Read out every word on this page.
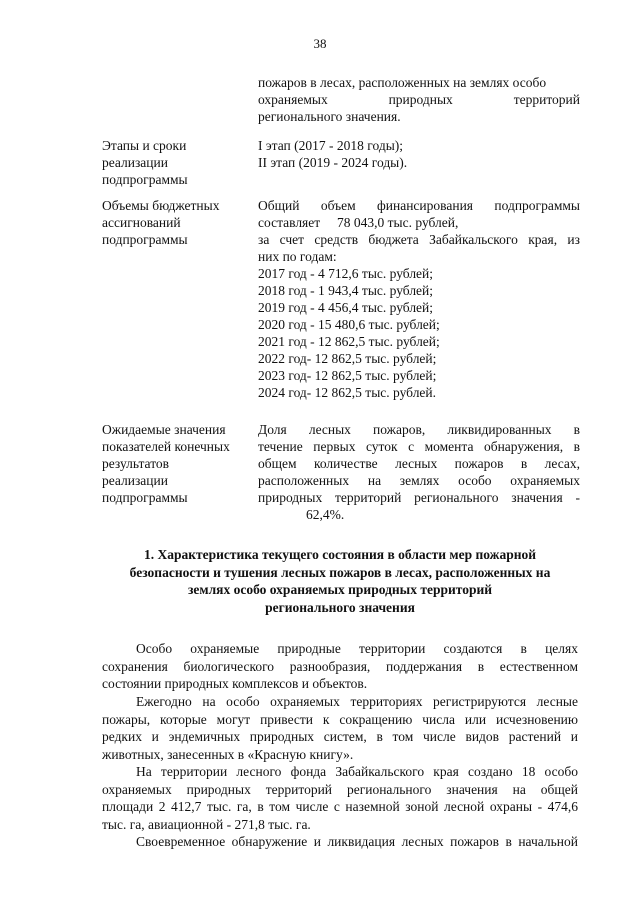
38
пожаров в лесах, расположенных на землях особо
охраняемых природных территорий
регионального значения.
Этапы и сроки
реализации
подпрограммы
I этап (2017 - 2018 годы);
II этап (2019 - 2024 годы).
Объемы бюджетных
ассигнований
подпрограммы
Общий объем финансирования подпрограммы
составляет     78 043,0 тыс. рублей,
за счет средств бюджета Забайкальского края, из
них по годам:
2017 год - 4 712,6 тыс. рублей;
2018 год - 1 943,4 тыс. рублей;
2019 год - 4 456,4 тыс. рублей;
2020 год - 15 480,6 тыс. рублей;
2021 год - 12 862,5 тыс. рублей;
2022 год- 12 862,5 тыс. рублей;
2023 год- 12 862,5 тыс. рублей;
2024 год- 12 862,5 тыс. рублей.
Ожидаемые значения
показателей конечных
результатов
реализации
подпрограммы
Доля лесных пожаров, ликвидированных в
течение первых суток с момента обнаружения, в
общем количестве лесных пожаров в лесах,
расположенных на землях особо охраняемых
природных территорий регионального значения -
62,4%.
1. Характеристика текущего состояния в области мер пожарной
безопасности и тушения лесных пожаров в лесах, расположенных на
землях особо охраняемых природных территорий
регионального значения
Особо охраняемые природные территории создаются в целях
сохранения биологического разнообразия, поддержания в естественном
состоянии природных комплексов и объектов.
Ежегодно на особо охраняемых территориях регистрируются лесные
пожары, которые могут привести к сокращению числа или исчезновению
редких и эндемичных природных систем, в том числе видов растений и
животных, занесенных в «Красную книгу».
На территории лесного фонда Забайкальского края создано 18 особо
охраняемых природных территорий регионального значения на общей
площади 2 412,7 тыс. га, в том числе с наземной зоной лесной охраны - 474,6
тыс. га, авиационной - 271,8 тыс. га.
Своевременное обнаружение и ликвидация лесных пожаров в начальной
